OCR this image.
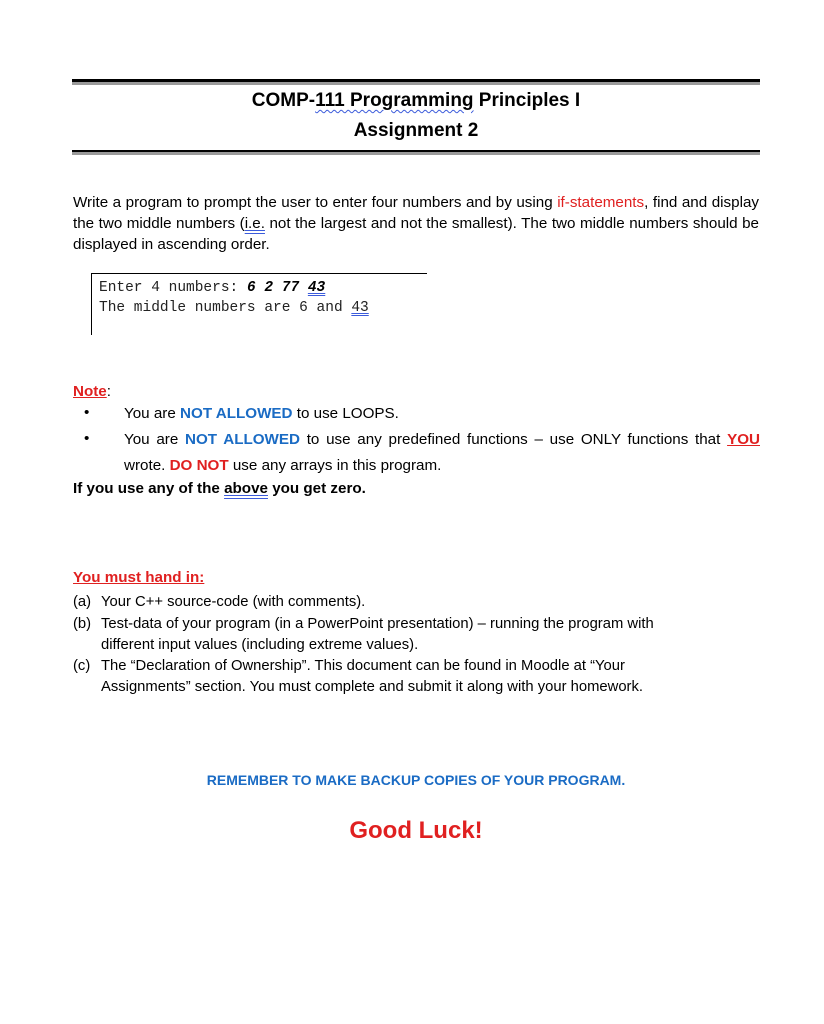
COMP-111 Programming Principles I
Assignment 2
Write a program to prompt the user to enter four numbers and by using if-statements, find and display the two middle numbers (i.e. not the largest and not the smallest). The two middle numbers should be displayed in ascending order.
Enter 4 numbers: 6 2 77 43
The middle numbers are 6 and 43
Note:
• You are NOT ALLOWED to use LOOPS.
• You are NOT ALLOWED to use any predefined functions – use ONLY functions that YOU
wrote. DO NOT use any arrays in this program.
If you use any of the above you get zero.
You must hand in:
(a) Your C++ source-code (with comments).
(b) Test-data of your program (in a PowerPoint presentation) – running the program with
different input values (including extreme values).
(c) The “Declaration of Ownership”. This document can be found in Moodle at “Your
Assignments” section. You must complete and submit it along with your homework.
REMEMBER TO MAKE BACKUP COPIES OF YOUR PROGRAM.
Good Luck!
